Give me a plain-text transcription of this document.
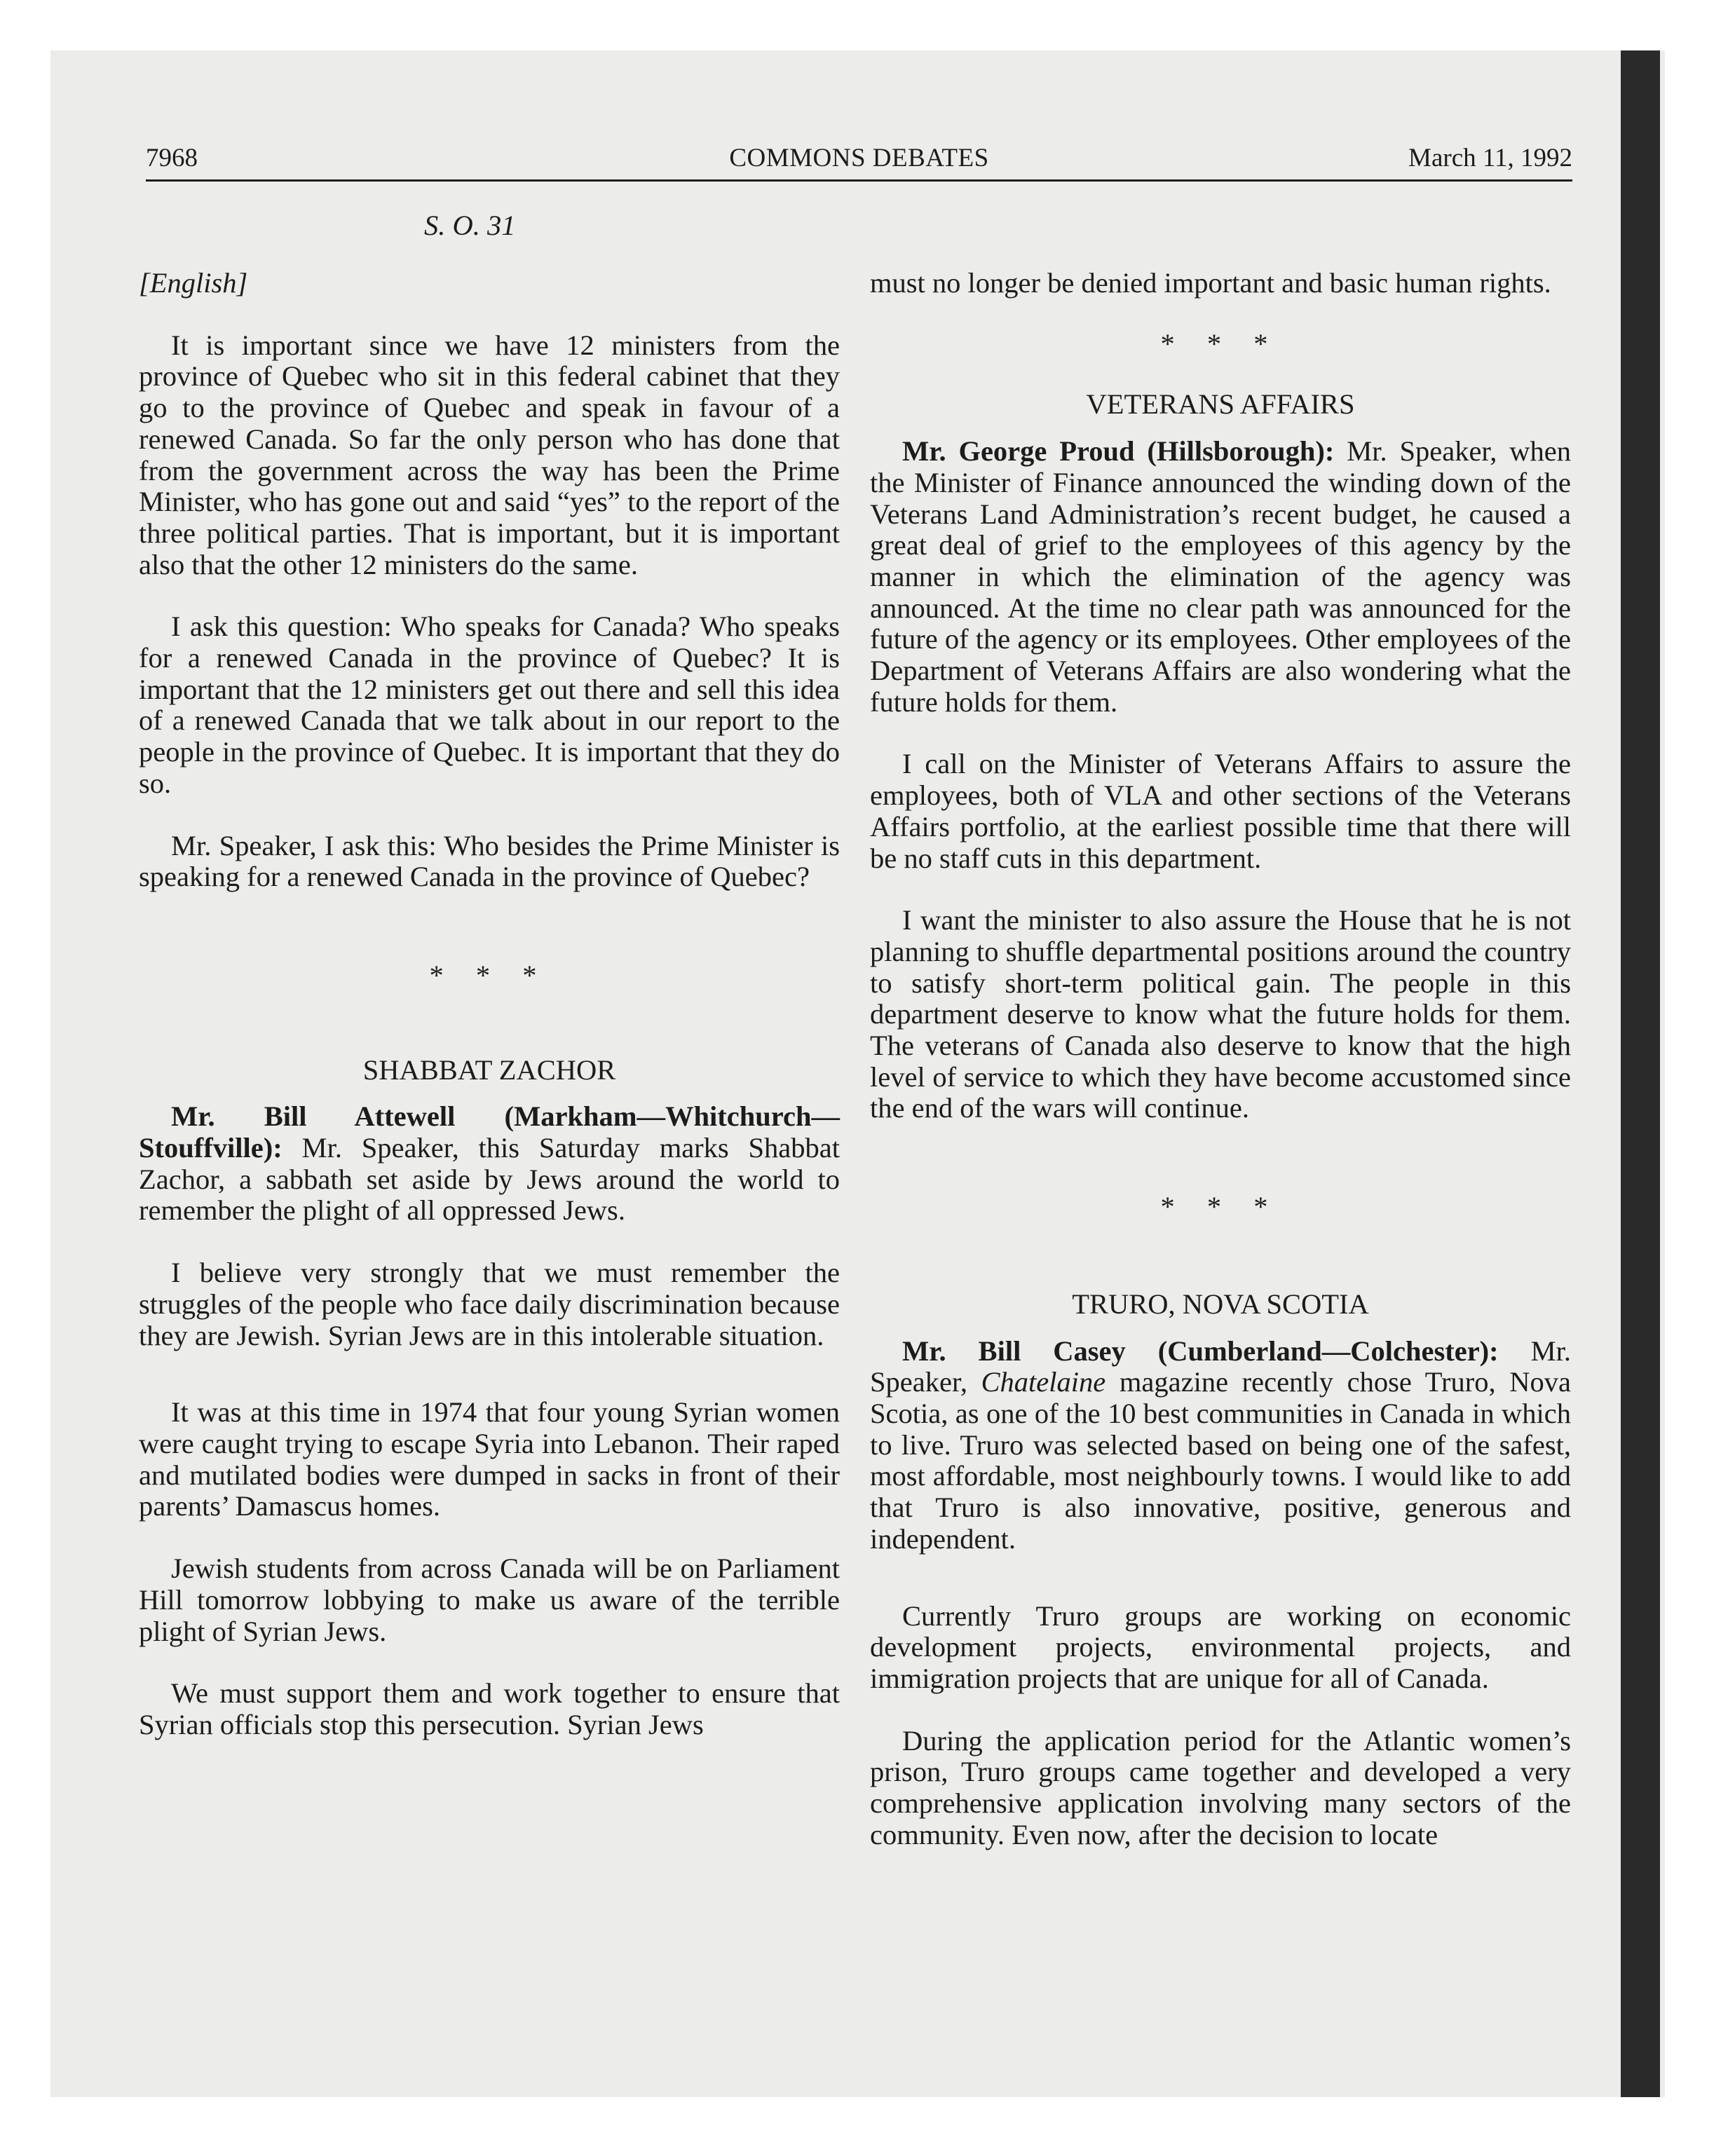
7968	COMMONS DEBATES	March 11, 1992
S. O. 31
[English]

It is important since we have 12 ministers from the province of Quebec who sit in this federal cabinet that they go to the province of Quebec and speak in favour of a renewed Canada. So far the only person who has done that from the government across the way has been the Prime Minister, who has gone out and said “yes” to the report of the three political parties. That is important, but it is important also that the other 12 ministers do the same.

I ask this question: Who speaks for Canada? Who speaks for a renewed Canada in the province of Quebec? It is important that the 12 ministers get out there and sell this idea of a renewed Canada that we talk about in our report to the people in the province of Quebec. It is important that they do so.

Mr. Speaker, I ask this: Who besides the Prime Minister is speaking for a renewed Canada in the province of Quebec?

* * *
SHABBAT ZACHOR

Mr. Bill Attewell (Markham—Whitchurch—Stouffville): Mr. Speaker, this Saturday marks Shabbat Zachor, a sabbath set aside by Jews around the world to remember the plight of all oppressed Jews.

I believe very strongly that we must remember the struggles of the people who face daily discrimination because they are Jewish. Syrian Jews are in this intolerable situation.

It was at this time in 1974 that four young Syrian women were caught trying to escape Syria into Lebanon. Their raped and mutilated bodies were dumped in sacks in front of their parents’ Damascus homes.

Jewish students from across Canada will be on Parliament Hill tomorrow lobbying to make us aware of the terrible plight of Syrian Jews.

We must support them and work together to ensure that Syrian officials stop this persecution. Syrian Jews

must no longer be denied important and basic human rights.

* * *
VETERANS AFFAIRS

Mr. George Proud (Hillsborough): Mr. Speaker, when the Minister of Finance announced the winding down of the Veterans Land Administration’s recent budget, he caused a great deal of grief to the employees of this agency by the manner in which the elimination of the agency was announced. At the time no clear path was announced for the future of the agency or its employees. Other employees of the Department of Veterans Affairs are also wondering what the future holds for them.

I call on the Minister of Veterans Affairs to assure the employees, both of VLA and other sections of the Veterans Affairs portfolio, at the earliest possible time that there will be no staff cuts in this department.

I want the minister to also assure the House that he is not planning to shuffle departmental positions around the country to satisfy short-term political gain. The people in this department deserve to know what the future holds for them. The veterans of Canada also deserve to know that the high level of service to which they have become accustomed since the end of the wars will continue.

* * *
TRURO, NOVA SCOTIA

Mr. Bill Casey (Cumberland—Colchester): Mr. Speaker, Chatelaine magazine recently chose Truro, Nova Scotia, as one of the 10 best communities in Canada in which to live. Truro was selected based on being one of the safest, most affordable, most neighbourly towns. I would like to add that Truro is also innovative, positive, generous and independent.

Currently Truro groups are working on economic development projects, environmental projects, and immigration projects that are unique for all of Canada.

During the application period for the Atlantic women’s prison, Truro groups came together and developed a very comprehensive application involving many sectors of the community. Even now, after the decision to locate
